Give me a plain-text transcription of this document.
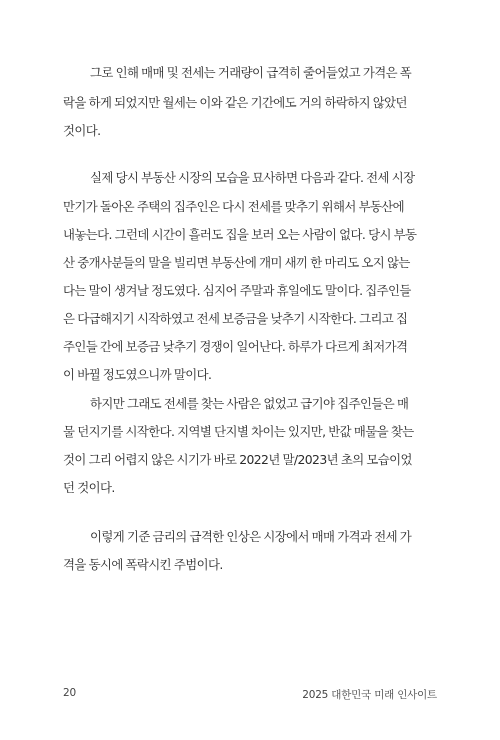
그로 인해 매매 및 전세는 거래량이 급격히 줄어들었고 가격은 폭
락을 하게 되었지만 월세는 이와 같은 기간에도 거의 하락하지 않았던
것이다.
실제 당시 부동산 시장의 모습을 묘사하면 다음과 같다. 전세 시장
만기가 돌아온 주택의 집주인은 다시 전세를 맞추기 위해서 부동산에
내놓는다. 그런데 시간이 흘러도 집을 보러 오는 사람이 없다. 당시 부동
산 중개사분들의 말을 빌리면 부동산에 개미 새끼 한 마리도 오지 않는
다는 말이 생겨날 정도였다. 심지어 주말과 휴일에도 말이다. 집주인들
은 다급해지기 시작하였고 전세 보증금을 낮추기 시작한다. 그리고 집
주인들 간에 보증금 낮추기 경쟁이 일어난다. 하루가 다르게 최저가격
이 바뀔 정도였으니까 말이다.
하지만 그래도 전세를 찾는 사람은 없었고 급기야 집주인들은 매
물 던지기를 시작한다. 지역별 단지별 차이는 있지만, 반값 매물을 찾는
것이 그리 어렵지 않은 시기가 바로 2022년 말/2023년 초의 모습이었
던 것이다.
이렇게 기준 금리의 급격한 인상은 시장에서 매매 가격과 전세 가
격을 동시에 폭락시킨 주범이다.
20	2025 대한민국 미래 인사이트
